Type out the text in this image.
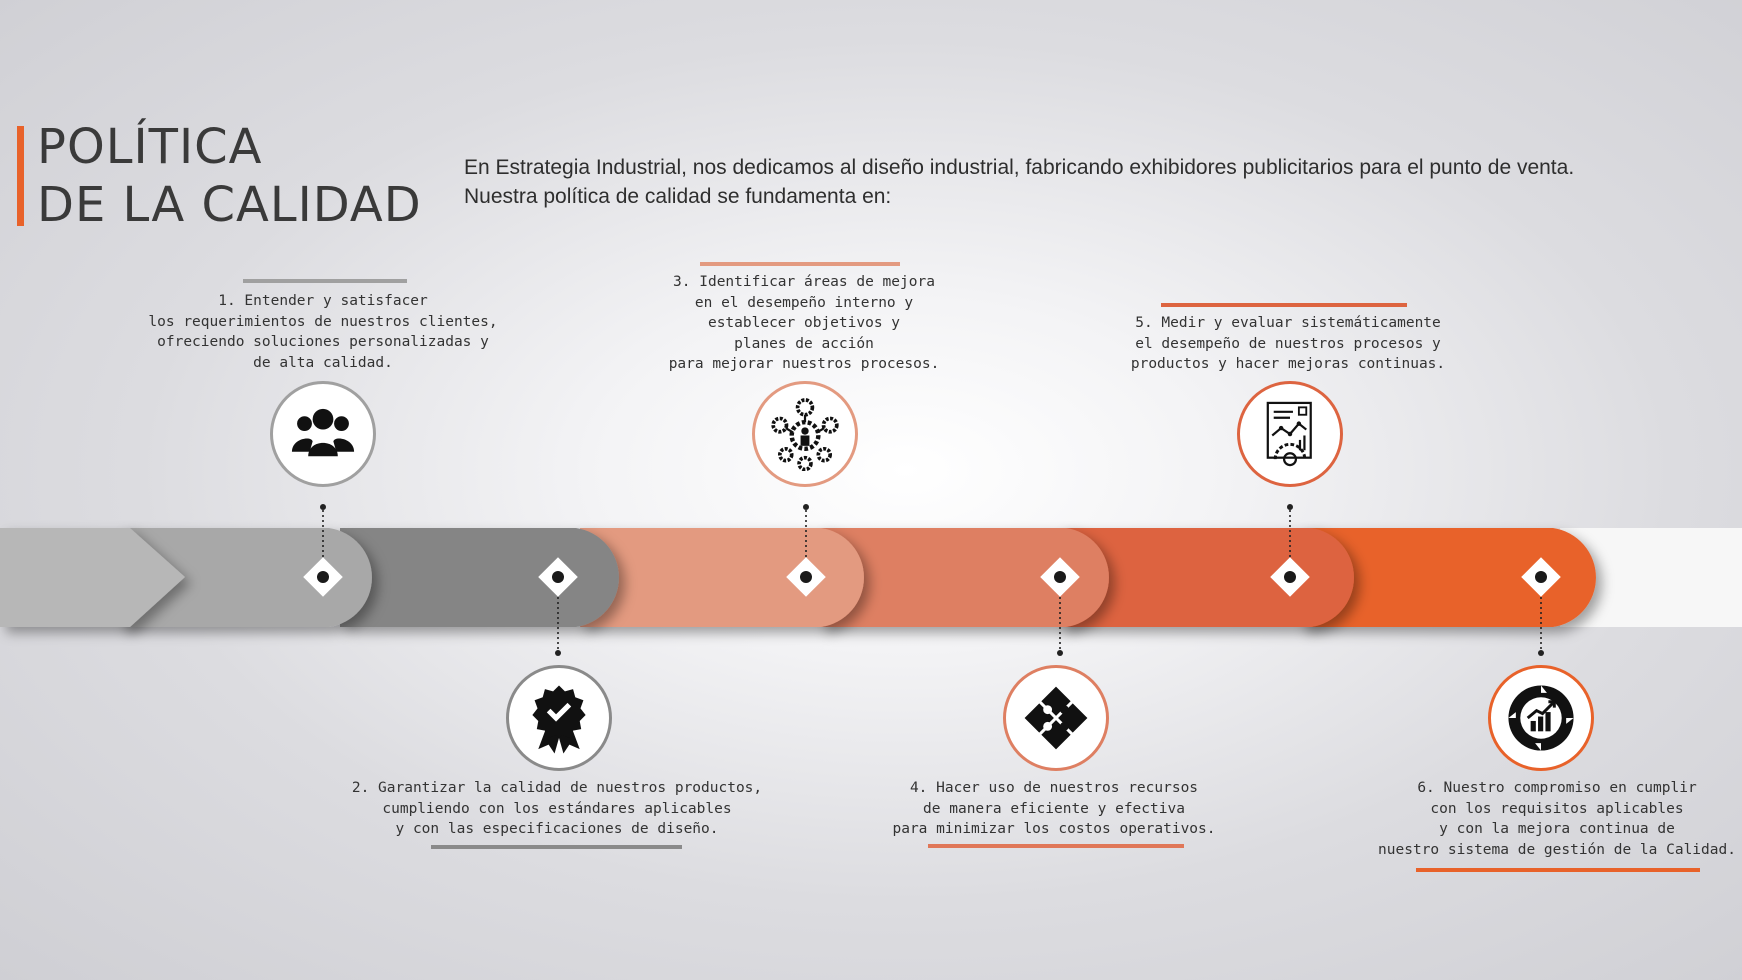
POLÍTICA
DE LA CALIDAD
En Estrategia Industrial, nos dedicamos al diseño industrial, fabricando exhibidores publicitarios para el punto de venta.
Nuestra política de calidad se fundamenta en:
1. Entender y satisfacer
los requerimientos de nuestros clientes,
ofreciendo soluciones personalizadas y
de alta calidad.
2. Garantizar la calidad de nuestros productos,
cumpliendo con los estándares aplicables
y con las especificaciones de diseño.
3. Identificar áreas de mejora
en el desempeño interno y
establecer objetivos y
planes de acción
para mejorar nuestros procesos.
4. Hacer uso de nuestros recursos
de manera eficiente y efectiva
para minimizar los costos operativos.
5. Medir y evaluar sistemáticamente
el desempeño de nuestros procesos y
productos y hacer mejoras continuas.
6. Nuestro compromiso en cumplir
con los requisitos aplicables
y con la mejora continua de
nuestro sistema de gestión de la Calidad.
